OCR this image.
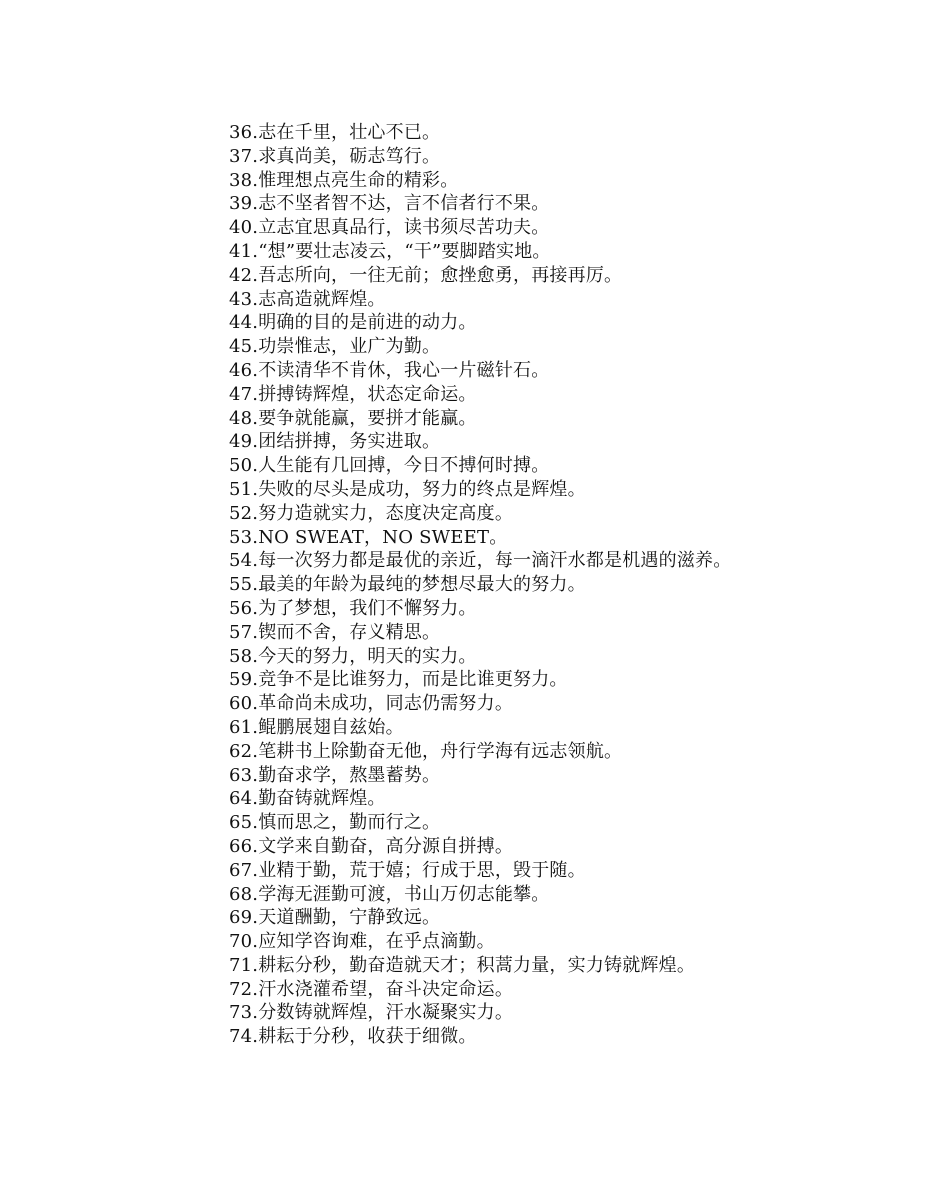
36.志在千里，壮心不已。
37.求真尚美，砺志笃行。
38.惟理想点亮生命的精彩。
39.志不坚者智不达，言不信者行不果。
40.立志宜思真品行，读书须尽苦功夫。
41.“想”要壮志凌云，“干”要脚踏实地。
42.吾志所向，一往无前；愈挫愈勇，再接再厉。
43.志高造就辉煌。
44.明确的目的是前进的动力。
45.功崇惟志，业广为勤。
46.不读清华不肯休，我心一片磁针石。
47.拼搏铸辉煌，状态定命运。
48.要争就能赢，要拼才能赢。
49.团结拼搏，务实进取。
50.人生能有几回搏，今日不搏何时搏。
51.失败的尽头是成功，努力的终点是辉煌。
52.努力造就实力，态度决定高度。
53.NO SWEAT，NO SWEET。
54.每一次努力都是最优的亲近，每一滴汗水都是机遇的滋养。
55.最美的年龄为最纯的梦想尽最大的努力。
56.为了梦想，我们不懈努力。
57.锲而不舍，存义精思。
58.今天的努力，明天的实力。
59.竞争不是比谁努力，而是比谁更努力。
60.革命尚未成功，同志仍需努力。
61.鲲鹏展翅自兹始。
62.笔耕书上除勤奋无他，舟行学海有远志领航。
63.勤奋求学，熬墨蓄势。
64.勤奋铸就辉煌。
65.慎而思之，勤而行之。
66.文学来自勤奋，高分源自拼搏。
67.业精于勤，荒于嬉；行成于思，毁于随。
68.学海无涯勤可渡，书山万仞志能攀。
69.天道酬勤，宁静致远。
70.应知学咨询难，在乎点滴勤。
71.耕耘分秒，勤奋造就天才；积蒿力量，实力铸就辉煌。
72.汗水浇灌希望，奋斗决定命运。
73.分数铸就辉煌，汗水凝聚实力。
74.耕耘于分秒，收获于细微。
